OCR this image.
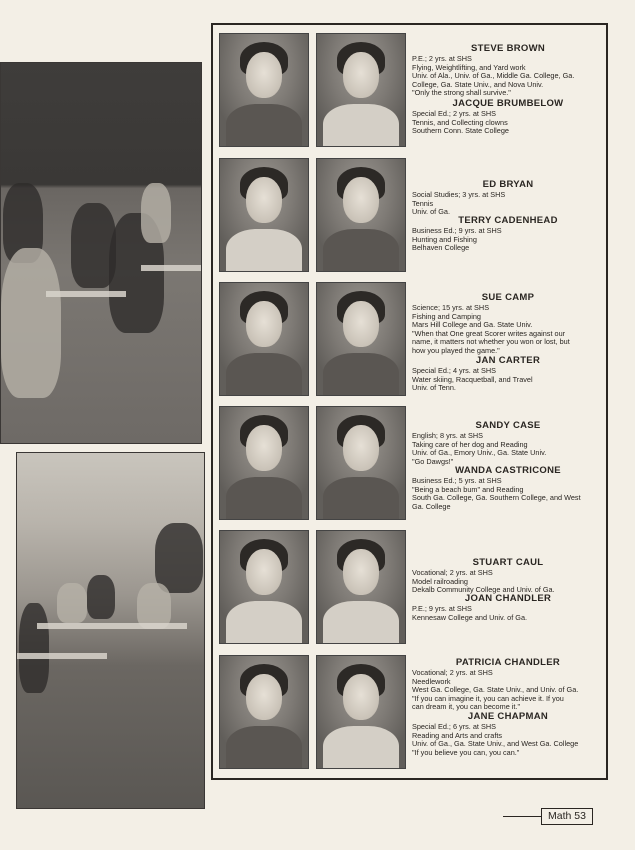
STEVE BROWN
P.E.; 2 yrs. at SHS
Flying, Weightlifting, and Yard work
Univ. of Ala., Univ. of Ga., Middle Ga. College, Ga.
College, Ga. State Univ., and Nova Univ.
"Only the strong shall survive."
JACQUE BRUMBELOW
Special Ed.; 2 yrs. at SHS
Tennis, and Collecting clowns
Southern Conn. State College
ED BRYAN
Social Studies; 3 yrs. at SHS
Tennis
Univ. of Ga.
TERRY CADENHEAD
Business Ed.; 9 yrs. at SHS
Hunting and Fishing
Belhaven College
SUE CAMP
Science; 15 yrs. at SHS
Fishing and Camping
Mars Hill College and Ga. State Univ.
"When that One great Scorer writes against our
name, it matters not whether you won or lost, but
how you played the game."
JAN CARTER
Special Ed.; 4 yrs. at SHS
Water skiing, Racquetball, and Travel
Univ. of Tenn.
SANDY CASE
English; 8 yrs. at SHS
Taking care of her dog and Reading
Univ. of Ga., Emory Univ., Ga. State Univ.
"Go Dawgs!"
WANDA CASTRICONE
Business Ed.; 5 yrs. at SHS
"Being a beach bum" and Reading
South Ga. College, Ga. Southern College, and West
Ga. College
STUART CAUL
Vocational; 2 yrs. at SHS
Model railroading
Dekalb Community College and Univ. of Ga.
JOAN CHANDLER
P.E.; 9 yrs. at SHS
Kennesaw College and Univ. of Ga.
PATRICIA CHANDLER
Vocational; 2 yrs. at SHS
Needlework
West Ga. College, Ga. State Univ., and Univ. of Ga.
"If you can imagine it, you can achieve it. If you
can dream it, you can become it."
JANE CHAPMAN
Special Ed.; 6 yrs. at SHS
Reading and Arts and crafts
Univ. of Ga., Ga. State Univ., and West Ga. College
"If you believe you can, you can."
Math 53
